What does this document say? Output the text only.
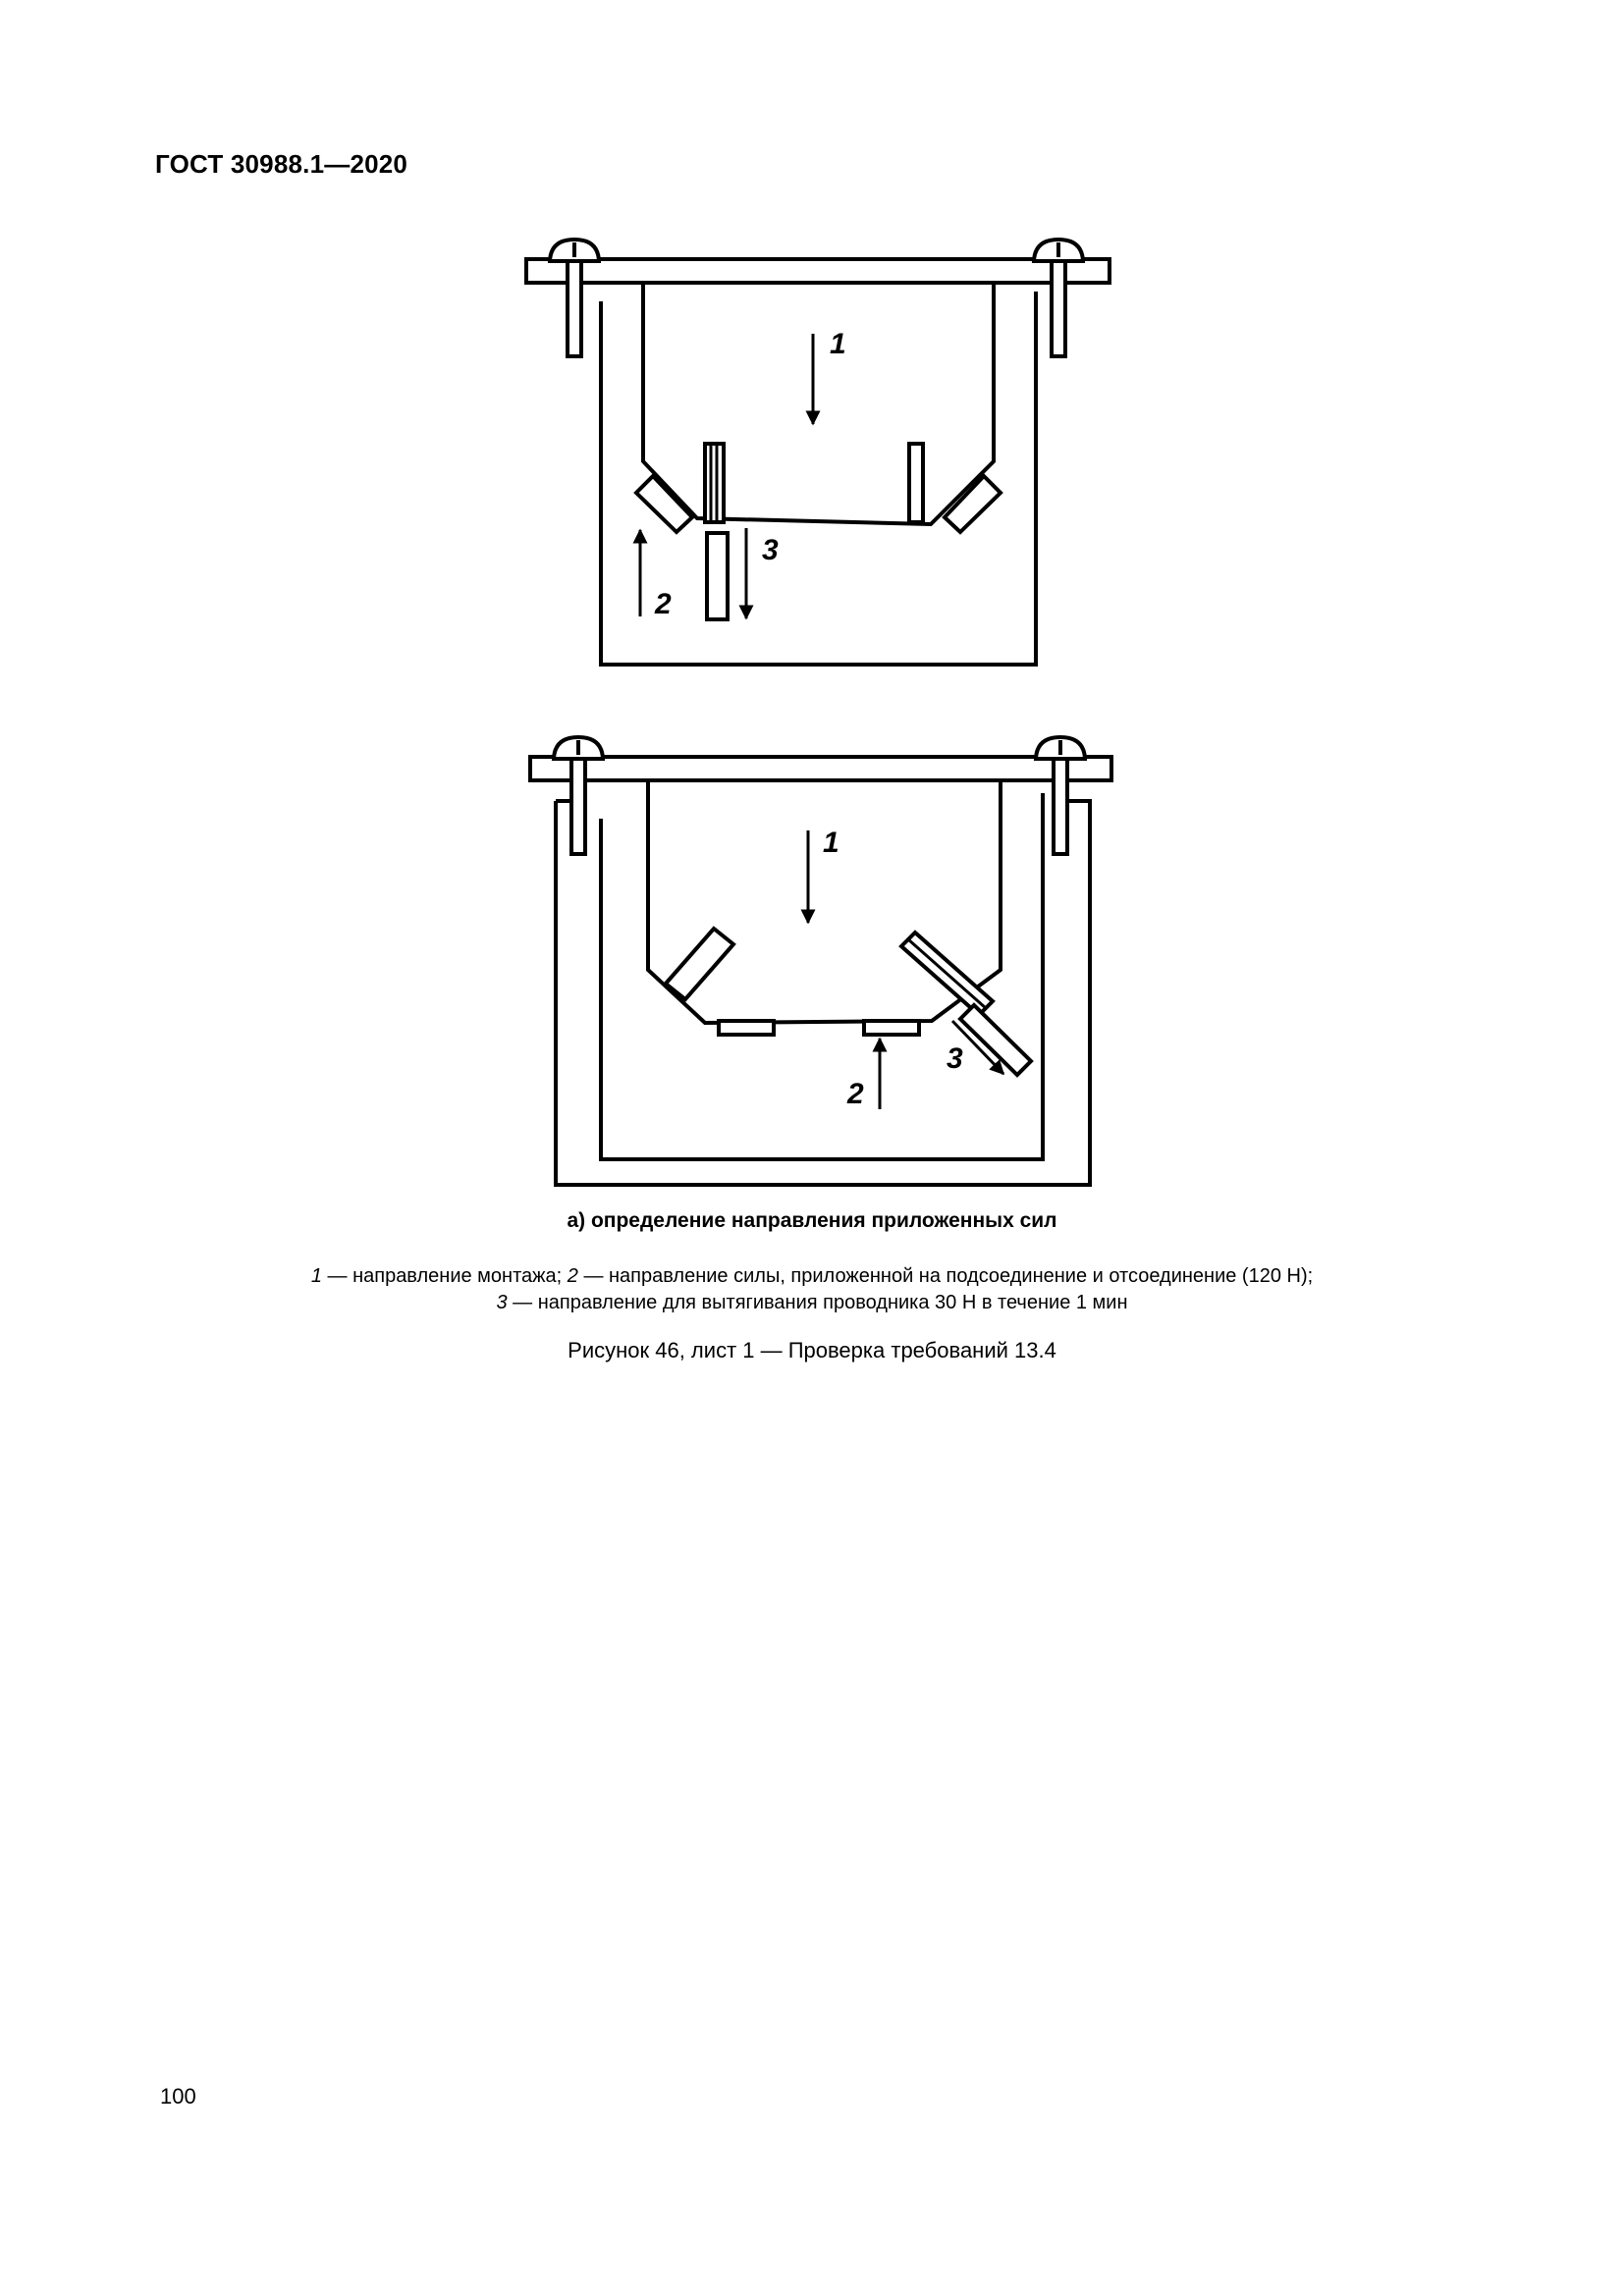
ГОСТ 30988.1—2020
1
2
3
1
2
3
а) определение направления приложенных сил
1 — направление монтажа; 2 — направление силы, приложенной на подсоединение и отсоединение (120 Н);
3 — направление для вытягивания проводника 30 Н в течение 1 мин
Рисунок 46, лист 1 — Проверка требований 13.4
100
